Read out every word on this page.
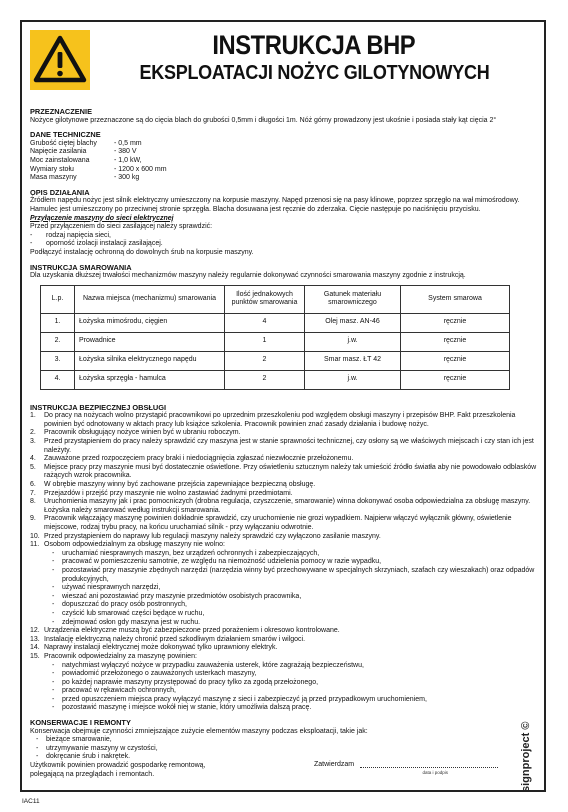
INSTRUKCJA BHP
EKSPLOATACJI NOŻYC GILOTYNOWYCH
PRZEZNACZENIE
Nożyce gilotynowe przeznaczone są do cięcia blach do grubości 0,5mm i długości 1m. Nóż górny prowadzony jest ukośnie i posiada stały kąt cięcia 2°
DANE TECHNICZNE
Grubość ciętej blachy	- 0,5 mm
Napięcie zasilania	- 380 V
Moc zainstalowana	- 1,0 kW,
Wymiary stołu	- 1200 x 600 mm
Masa maszyny	- 300 kg
OPIS DZIAŁANIA
Źródłem napędu nożyc jest silnik elektryczny umieszczony na korpusie maszyny. Napęd przenosi się na pasy klinowe, poprzez sprzęgło na wał mimośrodowy. Hamulec jest umieszczony po przeciwnej stronie sprzęgła. Blacha dosuwana jest ręcznie do zderzaka. Cięcie następuje po naciśnięciu przycisku.
Przyłączenie maszyny do sieci elektrycznej
Przed przyłączeniem do sieci zasilającej należy sprawdzić:
-	rodzaj napięcia sieci,
-	oporność izolacji instalacji zasilającej.
Podłączyć instalację ochronną do dowolnych śrub na korpusie maszyny.
INSTRUKCJA SMAROWANIA
Dla uzyskania dłuższej trwałości mechanizmów maszyny należy regularnie dokonywać czynności smarowania maszyny zgodnie z instrukcją.
L.p.	Nazwa miejsca (mechanizmu) smarowania	Ilość jednakowych punktów smarowania	Gatunek materiału smarowniczego	System smarowa
1.	Łożyska mimośrodu, cięgien	4	Olej masz. AN-46	ręcznie
2.	Prowadnice	1	j.w.	ręcznie
3.	Łożyska silnika elektrycznego napędu	2	Smar masz. ŁT 42	ręcznie
4.	Łożyska sprzęgła - hamulca	2	j.w.	ręcznie
INSTRUKCJA BEZPIECZNEJ OBSŁUGI
1.	Do pracy na nożycach wolno przystąpić pracownikowi po uprzednim przeszkoleniu pod względem obsługi maszyny i przepisów BHP. Fakt przeszkolenia powinien być odnotowany w aktach pracy lub książce szkolenia. Pracownik powinien znać zasady działania i budowę nożyc.
2.	Pracownik obsługujący nożyce winien być w ubraniu roboczym.
3.	Przed przystąpieniem do pracy należy sprawdzić czy maszyna jest w stanie sprawności technicznej, czy osłony są we właściwych miejscach i czy stan ich jest należyty.
4.	Zauważone przed rozpoczęciem pracy braki i niedociągnięcia zgłaszać niezwłocznie przełożonemu.
5.	Miejsce pracy przy maszynie musi być dostatecznie oświetlone. Przy oświetleniu sztucznym należy tak umieścić źródło światła aby nie powodowało odblasków rażących wzrok pracownika.
6.	W obrębie maszyny winny być zachowane przejścia zapewniające bezpieczną obsługę.
7.	Przejazdów i przejść przy maszynie nie wolno zastawiać żadnymi przedmiotami.
8.	Uruchomienia maszyny jak i prac pomocniczych (drobna regulacja, czyszczenie, smarowanie) winna dokonywać osoba odpowiedzialna za obsługę maszyny. Łożyska należy smarować według instrukcji smarowania.
9.	Pracownik włączający maszynę powinien dokładnie sprawdzić, czy uruchomienie nie grozi wypadkiem. Najpierw włączyć wyłącznik główny, oświetlenie miejscowe, rodzaj trybu pracy, na końcu uruchamiać silnik - przy wyłączaniu odwrotnie.
10. Przed przystąpieniem do naprawy lub regulacji maszyny należy sprawdzić czy wyłączono zasilanie maszyny.
11. Osobom odpowiedzialnym za obsługę maszyny nie wolno:
-	uruchamiać niesprawnych maszyn, bez urządzeń ochronnych i zabezpieczających,
-	pracować w pomieszczeniu samotnie, ze względu na niemożność udzielenia pomocy w razie wypadku,
-	pozostawiać przy maszynie zbędnych narzędzi (narzędzia winny być przechowywane w specjalnych skrzyniach, szafach czy wieszakach) oraz odpadów produkcyjnych,
-	używać niesprawnych narzędzi,
-	wieszać ani pozostawiać przy maszynie przedmiotów osobistych pracownika,
-	dopuszczać do pracy osób postronnych,
-	czyścić lub smarować części będące w ruchu,
-	zdejmować osłon gdy maszyna jest w ruchu.
12. Urządzenia elektryczne muszą być zabezpieczone przed porażeniem i okresowo kontrolowane.
13. Instalację elektryczną należy chronić przed szkodliwym działaniem smarów i wilgoci.
14. Naprawy instalacji elektrycznej może dokonywać tylko uprawniony elektryk.
15. Pracownik odpowiedzialny za maszynę powinien:
-	natychmiast wyłączyć nożyce w przypadku zauważenia usterek, które zagrażają bezpieczeństwu,
-	powiadomić przełożonego o zauważonych usterkach maszyny,
-	po każdej naprawie maszyny przystępować do pracy tylko za zgodą przełożonego,
-	pracować w rękawicach ochronnych,
-	przed opuszczeniem miejsca pracy wyłączyć maszynę z sieci i zabezpieczyć ją przed przypadkowym uruchomieniem,
-	pozostawić maszynę i miejsce wokół niej w stanie, który umożliwia dalszą pracę.
KONSERWACJE I REMONTY
Konserwacja obejmuje czynności zmniejszające zużycie elementów maszyny podczas eksploatacji, takie jak:
-	bieżące smarowanie,
-	utrzymywanie maszyny w czystości,
-	dokręcanie śrub i nakrętek.
Użytkownik powinien prowadzić gospodarkę remontową,
polegającą na przeglądach i remontach.
Zatwierdzam
data i podpis	signproject ©
IAC11
